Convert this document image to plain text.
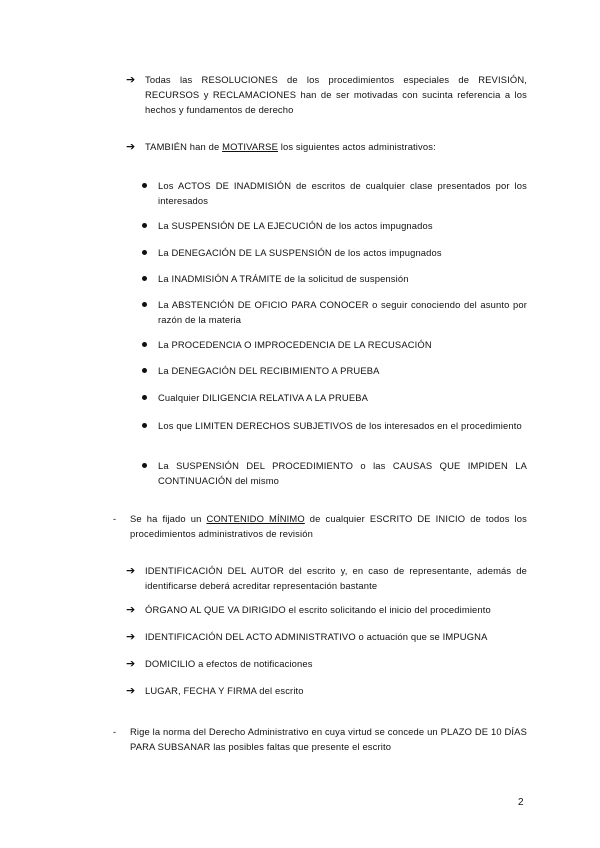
➔ Todas las RESOLUCIONES de los procedimientos especiales de REVISIÓN, RECURSOS y RECLAMACIONES han de ser motivadas con sucinta referencia a los hechos y fundamentos de derecho

➔ TAMBIÉN han de MOTIVARSE los siguientes actos administrativos:

Los ACTOS DE INADMISIÓN de escritos de cualquier clase presentados por los interesados

La SUSPENSIÓN DE LA EJECUCIÓN de los actos impugnados

La DENEGACIÓN DE LA SUSPENSIÓN de los actos impugnados

La INADMISIÓN A TRÁMITE de la solicitud de suspensión

La ABSTENCIÓN DE OFICIO PARA CONOCER o seguir conociendo del asunto por razón de la materia

La PROCEDENCIA O IMPROCEDENCIA DE LA RECUSACIÓN

La DENEGACIÓN DEL RECIBIMIENTO A PRUEBA

Cualquier DILIGENCIA RELATIVA A LA PRUEBA

Los que LIMITEN DERECHOS SUBJETIVOS de los interesados en el procedimiento

La SUSPENSIÓN DEL PROCEDIMIENTO o las CAUSAS QUE IMPIDEN LA CONTINUACIÓN del mismo

- Se ha fijado un CONTENIDO MÍNIMO de cualquier ESCRITO DE INICIO de todos los procedimientos administrativos de revisión

➔ IDENTIFICACIÓN DEL AUTOR del escrito y, en caso de representante, además de identificarse deberá acreditar representación bastante

➔ ÓRGANO AL QUE VA DIRIGIDO el escrito solicitando el inicio del procedimiento

➔ IDENTIFICACIÓN DEL ACTO ADMINISTRATIVO o actuación que se IMPUGNA

➔ DOMICILIO a efectos de notificaciones

➔ LUGAR, FECHA Y FIRMA del escrito

- Rige la norma del Derecho Administrativo en cuya virtud se concede un PLAZO DE 10 DÍAS PARA SUBSANAR las posibles faltas que presente el escrito

2
